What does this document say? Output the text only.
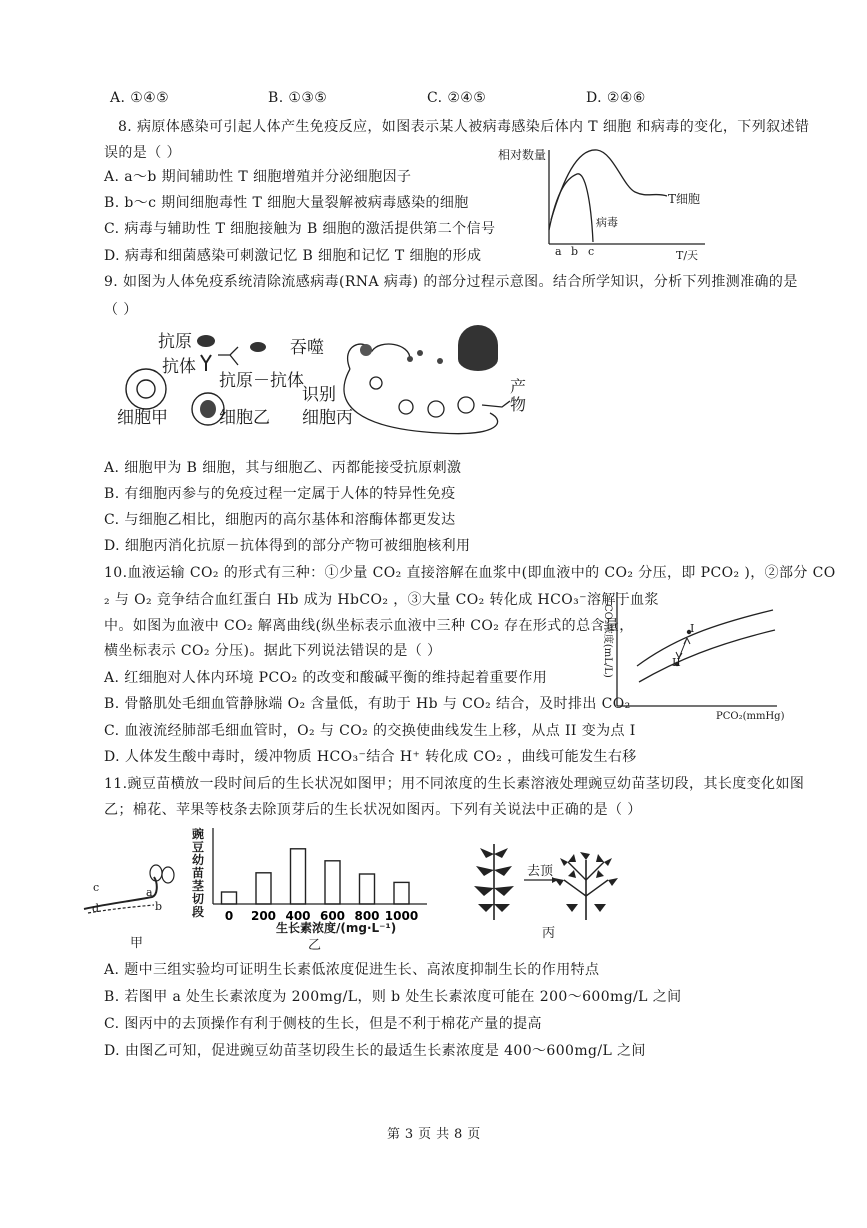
A. ①④⑤	B. ①③⑤	C. ②④⑤	D. ②④⑥
8. 病原体感染可引起人体产生免疫反应，如图表示某人被病毒感染后体内 T 细胞 和病毒的变化，下列叙述错
误的是（ ）
A. a～b 期间辅助性 T 细胞增殖并分泌细胞因子
B. b～c 期间细胞毒性 T 细胞大量裂解被病毒感染的细胞
C. 病毒与辅助性 T 细胞接触为 B 细胞的激活提供第二个信号
D. 病毒和细菌感染可刺激记忆 B 细胞和记忆 T 细胞的形成
相对数量
T细胞
病毒
a b c	T/天
9. 如图为人体免疫系统清除流感病毒(RNA 病毒) 的部分过程示意图。结合所学知识，分析下列推测准确的是
（ ）
抗原
抗体
抗原－抗体
吞噬
识别
细胞甲	细胞乙 细胞丙
产物
A. 细胞甲为 B 细胞，其与细胞乙、丙都能接受抗原刺激
B. 有细胞丙参与的免疫过程一定属于人体的特异性免疫
C. 与细胞乙相比，细胞丙的高尔基体和溶酶体都更发达
D. 细胞丙消化抗原－抗体得到的部分产物可被细胞核利用
10.血液运输 CO₂ 的形式有三种：①少量 CO₂ 直接溶解在血浆中(即血液中的 CO₂ 分压，即 PCO₂ )，②部分 CO
₂ 与 O₂ 竞争结合血红蛋白 Hb 成为 HbCO₂ ，③大量 CO₂ 转化成 HCO₃⁻溶解于血浆
中。如图为血液中 CO₂ 解离曲线(纵坐标表示血液中三种 CO₂ 存在形式的总含量，
横坐标表示 CO₂ 分压)。据此下列说法错误的是（ ）
A. 红细胞对人体内环境 PCO₂ 的改变和酸碱平衡的维持起着重要作用
B. 骨骼肌处毛细血管静脉端 O₂ 含量低，有助于 Hb 与 CO₂ 结合，及时排出 CO₂
C. 血液流经肺部毛细血管时，O₂ 与 CO₂ 的交换使曲线发生上移，从点 II 变为点 I
D. 人体发生酸中毒时，缓冲物质 HCO₃⁻结合 H⁺ 转化成 CO₂ ，曲线可能发生右移
CO₂浓度(mL/L)	I
II
PCO₂(mmHg)
11.豌豆苗横放一段时间后的生长状况如图甲；用不同浓度的生长素溶液处理豌豆幼苗茎切段，其长度变化如图
乙；棉花、苹果等枝条去除顶芽后的生长状况如图丙。下列有关说法中正确的是（ ）
c	a
b
d
甲
豌豆幼苗茎切段 0 200 400 600 800 1000
生长素浓度/(mg·L⁻¹)
乙
去顶
丙
A. 题中三组实验均可证明生长素低浓度促进生长、高浓度抑制生长的作用特点
B. 若图甲 a 处生长素浓度为 200mg/L，则 b 处生长素浓度可能在 200～600mg/L 之间
C. 图丙中的去顶操作有利于侧枝的生长，但是不利于棉花产量的提高
D. 由图乙可知，促进豌豆幼苗茎切段生长的最适生长素浓度是 400～600mg/L 之间
第 3 页 共 8 页
